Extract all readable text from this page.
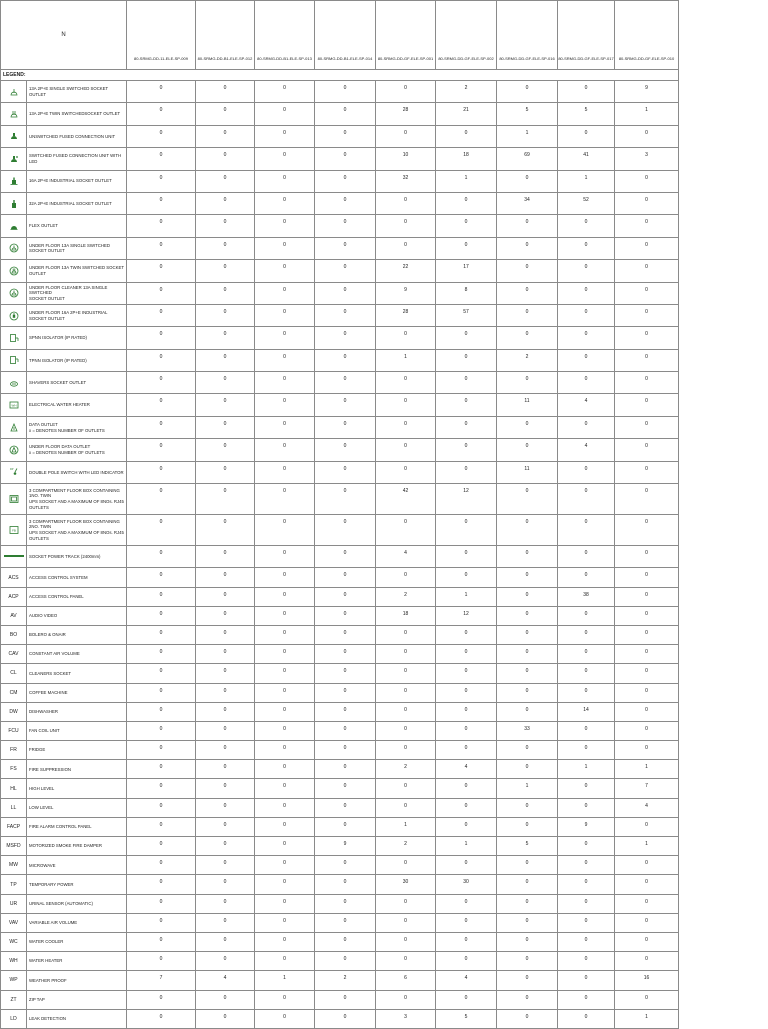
N		80-SRMG-DD-11-ELE-SP-009	80-SRMG-DD-B1-ELE-SP-012	80-SRMG-DD-B1-ELE-SP-013	80-SRMG-DD-B1-ELE-SP-014	80-SRMG-DD-GF-ELE-SP-001	80-SRMG-DD-GF-ELE-SP-002	80-SRMG-DD-GF-ELE-SP-016	80-SRMG-DD-GF-ELE-SP-017	80-SRMG-DD-GF-ELE-SP-010
LEGEND:										
	13A 2P+E SINGLE SWITCHED SOCKET OUTLET	0	0	0	0	0	2	0	0	9
	13A 2P+E TWIN SWITCHEDSOCKET OUTLET	0	0	0	0	28	21	5	5	1
	UNSWITCHED FUSED CONNECTION UNIT	0	0	0	0	0	0	1	0	0
	SWITCHED FUSED CONNECTION UNIT WITH LED	0	0	0	0	10	18	69	41	3
	16A 2P+E INDUSTRIAL SOCKET OUTLET	0	0	0	0	32	1	0	1	0
	32A 2P+E INDUSTRIAL SOCKET OUTLET	0	0	0	0	0	0	34	52	0
	FLEX OUTLET	0	0	0	0	0	0	0	0	0
	UNDER FLOOR 13A SINGLE SWITCHED SOCKET OUTLET	0	0	0	0	0	0	0	0	0
	UNDER FLOOR 13A TWIN SWITCHED SOCKET OUTLET	0	0	0	0	22	17	0	0	0
	UNDER FLOOR CLEANER 13A SINGLE SWITCHED
SOCKET OUTLET	0	0	0	0	9	8	0	0	0
	UNDER FLOOR 16A 2P+E INDUSTRIAL SOCKET OUTLET	0	0	0	0	28	57	0	0	0
	SPNN ISOLATOR (IP RATED)	0	0	0	0	0	0	0	0	0
	TPNN ISOLATOR (IP RATED)	0	0	0	0	1	0	2	0	0
	SHAVERS SOCKET OUTLET	0	0	0	0	0	0	0	0	0

WH	ELECTRICAL WATER HEATER	0	0	0	0	0	0	11	4	0
	DATA OUTLET
x = DENOTES NUMBER OF OUTLETS	0	0	0	0	0	0	0	0	0
	UNDER FLOOR DATA OUTLET
x = DENOTES NUMBER OF OUTLETS	0	0	0	0	0	0	0	4	0

DP	DOUBLE POLE SWITCH WITH LED INDICATOR	0	0	0	0	0	0	11	0	0
	3 COMPARTMENT FLOOR BOX CONTAINING 1NO. TWIN
UPS SOCKET AND A MAXIMUM OF 8NOs. RJ45 OUTLETS	0	0	0	0	42	12	0	0	0

FB	3 COMPARTMENT FLOOR BOX CONTAINING 2NO. TWIN
UPS SOCKET AND A MAXIMUM OF 8NOs. RJ45 OUTLETS	0	0	0	0	0	0	0	0	0
	SOCKET POWER TRACK (2400mm)	0	0	0	0	4	0	0	0	0
ACS	ACCESS CONTROL SYSTEM	0	0	0	0	0	0	0	0	0
ACP	ACCESS CONTROL PANEL	0	0	0	0	2	1	0	38	0
AV	AUDIO VIDEO	0	0	0	0	18	12	0	0	0
BO	BOLERO & ONAIR	0	0	0	0	0	0	0	0	0
CAV	CONSTANT AIR VOLUME	0	0	0	0	0	0	0	0	0
CL	CLEANERS SOCKET	0	0	0	0	0	0	0	0	0
CM	COFFEE MACHINE	0	0	0	0	0	0	0	0	0
DW	DISHWASHER	0	0	0	0	0	0	0	14	0
FCU	FAN COIL UNIT	0	0	0	0	0	0	33	0	0
FR	FRIDGE	0	0	0	0	0	0	0	0	0
FS	FIRE SUPPRESSION	0	0	0	0	2	4	0	1	1
HL	HIGH LEVEL	0	0	0	0	0	0	1	0	7
LL	LOW LEVEL	0	0	0	0	0	0	0	0	4
FACP	FIRE ALARM CONTROL PANEL	0	0	0	0	1	0	0	9	0
MSFD	MOTORIZED SMOKE FIRE DAMPER	0	0	0	9	2	1	5	0	1
MW	MICROWAVE	0	0	0	0	0	0	0	0	0
TP	TEMPORARY POWER	0	0	0	0	30	30	0	0	0
UR	URINAL SENSOR (AUTOMATIC)	0	0	0	0	0	0	0	0	0
VAV	VARIABLE AIR VOLUME	0	0	0	0	0	0	0	0	0
WC	WATER COOLER	0	0	0	0	0	0	0	0	0
WH	WATER HEATER	0	0	0	0	0	0	0	0	0
WP	WEATHER PROOF	7	4	1	2	6	4	0	0	16
ZT	ZIP TAP	0	0	0	0	0	0	0	0	0
LD	LEAK DETECTION	0	0	0	0	3	5	0	0	1
